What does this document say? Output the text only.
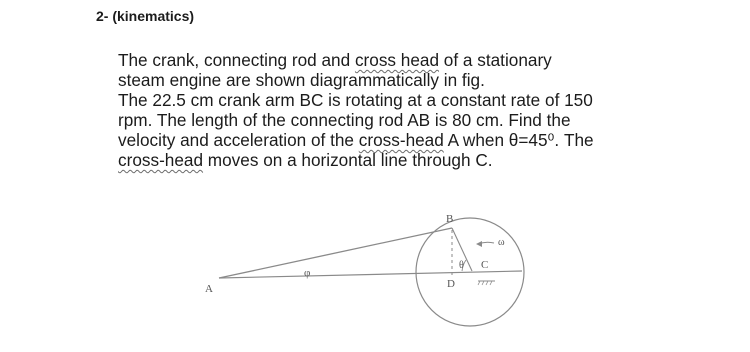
2- (kinematics)

The crank, connecting rod and cross head of a stationary
steam engine are shown diagrammatically in fig.
The 22.5 cm crank arm BC is rotating at a constant rate of 150
rpm. The length of the connecting rod AB is 80 cm. Find the
velocity and acceleration of the cross-head A when θ=45⁰. The
cross-head moves on a horizontal line through C.
A
B
C
D
φ
θ
ω
